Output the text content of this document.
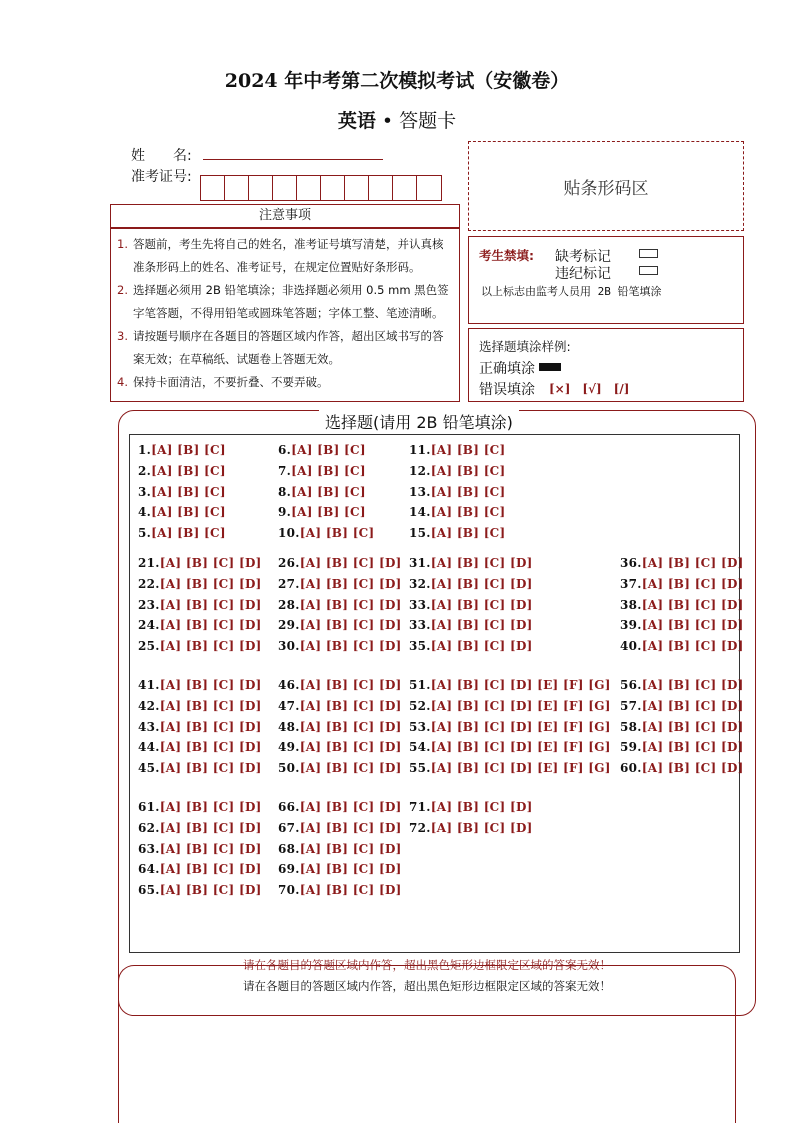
2024 年中考第二次模拟考试（安徽卷）
英语 • 答题卡
姓　　名:
准考证号:
贴条形码区
注意事项
1. 答题前，考生先将自己的姓名，准考证号填写清楚，并认真核准条形码上的姓名、准考证号，在规定位置贴好条形码。
2. 选择题必须用 2B 铅笔填涂；非选择题必须用 0.5 mm 黑色签字笔答题，不得用铅笔或圆珠笔答题；字体工整、笔迹清晰。
3. 请按题号顺序在各题目的答题区域内作答，超出区域书写的答案无效；在草稿纸、试题卷上答题无效。
4. 保持卡面清洁，不要折叠、不要弄破。
考生禁填: 缺考标记
违纪标记
以上标志由监考人员用 2B 铅笔填涂
选择题填涂样例:
正确填涂
错误填涂 [×]　[√]　[/]
选择题(请用 2B 铅笔填涂)
1.[A] [B] [C]
2.[A] [B] [C]
3.[A] [B] [C]
4.[A] [B] [C]
5.[A] [B] [C]
6.[A] [B] [C]
7.[A] [B] [C]
8.[A] [B] [C]
9.[A] [B] [C]
10.[A] [B] [C]
11.[A] [B] [C]
12.[A] [B] [C]
13.[A] [B] [C]
14.[A] [B] [C]
15.[A] [B] [C]
21.[A] [B] [C] [D]
22.[A] [B] [C] [D]
23.[A] [B] [C] [D]
24.[A] [B] [C] [D]
25.[A] [B] [C] [D]
26.[A] [B] [C] [D]
27.[A] [B] [C] [D]
28.[A] [B] [C] [D]
29.[A] [B] [C] [D]
30.[A] [B] [C] [D]
31.[A] [B] [C] [D]
32.[A] [B] [C] [D]
33.[A] [B] [C] [D]
33.[A] [B] [C] [D]
35.[A] [B] [C] [D]
36.[A] [B] [C] [D]
37.[A] [B] [C] [D]
38.[A] [B] [C] [D]
39.[A] [B] [C] [D]
40.[A] [B] [C] [D]
41.[A] [B] [C] [D]
42.[A] [B] [C] [D]
43.[A] [B] [C] [D]
44.[A] [B] [C] [D]
45.[A] [B] [C] [D]
46.[A] [B] [C] [D]
47.[A] [B] [C] [D]
48.[A] [B] [C] [D]
49.[A] [B] [C] [D]
50.[A] [B] [C] [D]
51.[A] [B] [C] [D] [E] [F] [G]
52.[A] [B] [C] [D] [E] [F] [G]
53.[A] [B] [C] [D] [E] [F] [G]
54.[A] [B] [C] [D] [E] [F] [G]
55.[A] [B] [C] [D] [E] [F] [G]
56.[A] [B] [C] [D]
57.[A] [B] [C] [D]
58.[A] [B] [C] [D]
59.[A] [B] [C] [D]
60.[A] [B] [C] [D]
61.[A] [B] [C] [D]
62.[A] [B] [C] [D]
63.[A] [B] [C] [D]
64.[A] [B] [C] [D]
65.[A] [B] [C] [D]
66.[A] [B] [C] [D]
67.[A] [B] [C] [D]
68.[A] [B] [C] [D]
69.[A] [B] [C] [D]
70.[A] [B] [C] [D]
71.[A] [B] [C] [D]
72.[A] [B] [C] [D]
请在各题目的答题区域内作答，超出黑色矩形边框限定区域的答案无效！
请在各题目的答题区域内作答，超出黑色矩形边框限定区域的答案无效！
